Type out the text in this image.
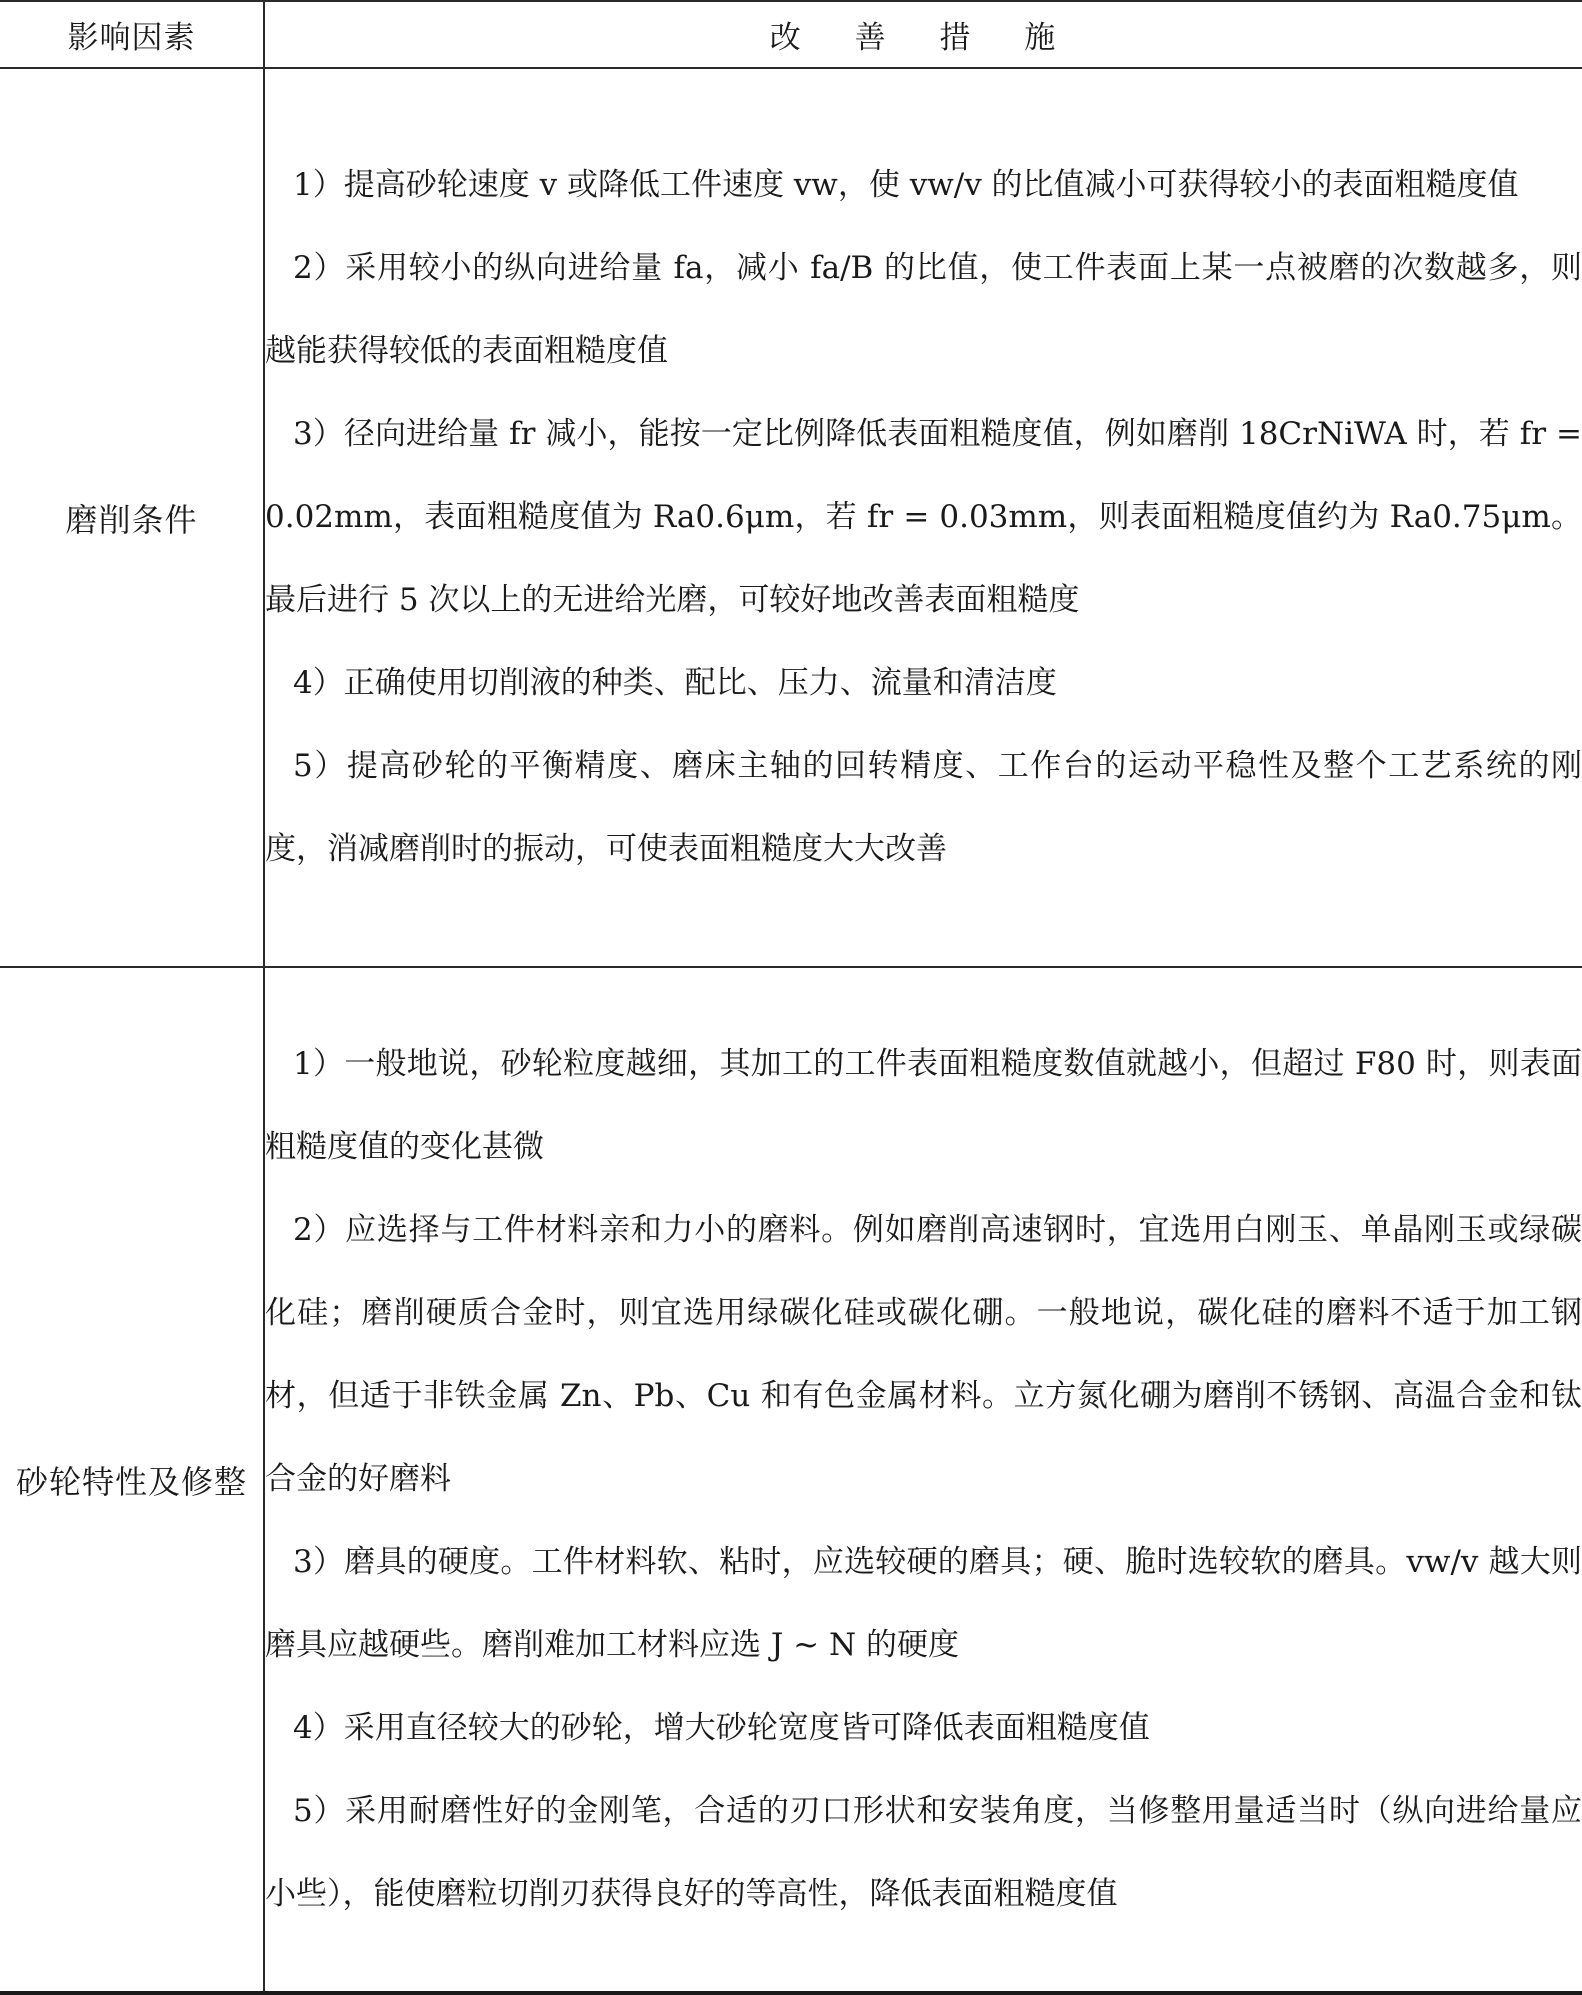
影响因素	改 善 措 施
磨削条件	1）提高砂轮速度 v 或降低工件速度 vw，使 vw/v 的比值减小可获得较小的表面粗糙度值
2）采用较小的纵向进给量 fa，减小 fa/B 的比值，使工件表面上某一点被磨的次数越多，则越能获得较低的表面粗糙度值
3）径向进给量 fr 减小，能按一定比例降低表面粗糙度值，例如磨削 18CrNiWA 时，若 fr = 0.02mm，表面粗糙度值为 Ra0.6μm，若 fr = 0.03mm，则表面粗糙度值约为 Ra0.75μm。最后进行 5 次以上的无进给光磨，可较好地改善表面粗糙度
4）正确使用切削液的种类、配比、压力、流量和清洁度
5）提高砂轮的平衡精度、磨床主轴的回转精度、工作台的运动平稳性及整个工艺系统的刚度，消减磨削时的振动，可使表面粗糙度大大改善

砂轮特性及修整	1）一般地说，砂轮粒度越细，其加工的工件表面粗糙度数值就越小，但超过 F80 时，则表面粗糙度值的变化甚微
2）应选择与工件材料亲和力小的磨料。例如磨削高速钢时，宜选用白刚玉、单晶刚玉或绿碳化硅；磨削硬质合金时，则宜选用绿碳化硅或碳化硼。一般地说，碳化硅的磨料不适于加工钢材，但适于非铁金属 Zn、Pb、Cu 和有色金属材料。立方氮化硼为磨削不锈钢、高温合金和钛合金的好磨料
3）磨具的硬度。工件材料软、粘时，应选较硬的磨具；硬、脆时选较软的磨具。vw/v 越大则磨具应越硬些。磨削难加工材料应选 J ~ N 的硬度
4）采用直径较大的砂轮，增大砂轮宽度皆可降低表面粗糙度值
5）采用耐磨性好的金刚笔，合适的刃口形状和安装角度，当修整用量适当时（纵向进给量应小些），能使磨粒切削刃获得良好的等高性，降低表面粗糙度值
